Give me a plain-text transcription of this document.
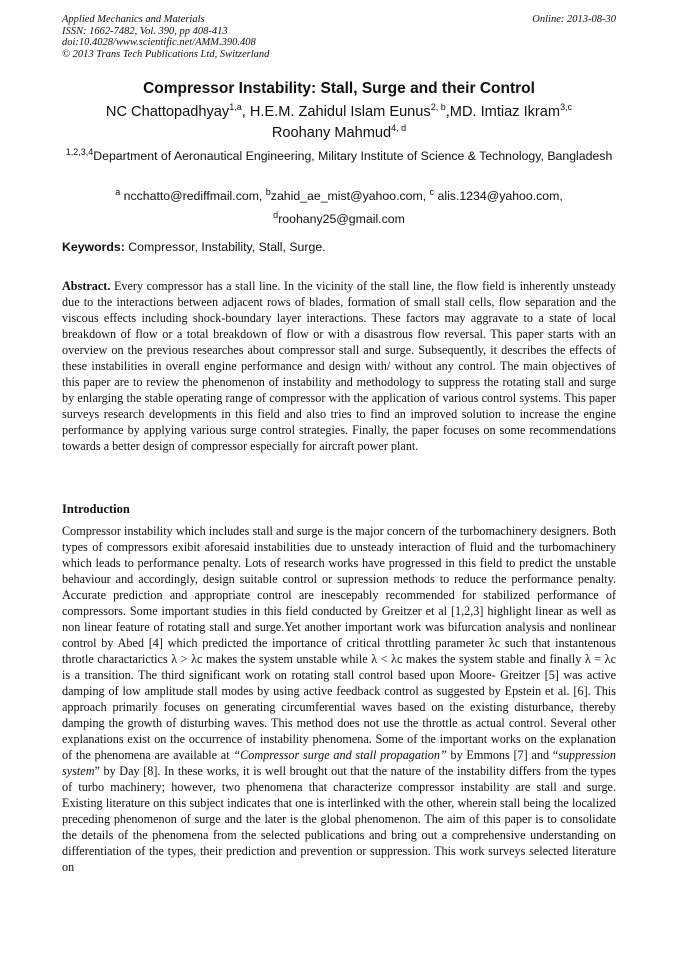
Applied Mechanics and Materials
ISSN: 1662-7482, Vol. 390, pp 408-413
doi:10.4028/www.scientific.net/AMM.390.408
© 2013 Trans Tech Publications Ltd, Switzerland
Online: 2013-08-30
Compressor Instability: Stall, Surge and their Control
NC Chattopadhyay$^{1,a}$, H.E.M. Zahidul Islam Eunus$^{2, b}$,MD. Imtiaz Ikram$^{3,c}$
Roohany Mahmud$^{4, d}$
$^{1,2,3,4}$Department of Aeronautical Engineering, Military Institute of Science & Technology, Bangladesh
$^a$ ncchatto@rediffmail.com, $^b$zahid_ae_mist@yahoo.com, $^c$ alis.1234@yahoo.com,
$^d$roohany25@gmail.com
Keywords: Compressor, Instability, Stall, Surge.
Abstract. Every compressor has a stall line. In the vicinity of the stall line, the flow field is inherently unsteady due to the interactions between adjacent rows of blades, formation of small stall cells, flow separation and the viscous effects including shock-boundary layer interactions. These factors may aggravate to a state of local breakdown of flow or a total breakdown of flow or with a disastrous flow reversal. This paper starts with an overview on the previous researches about compressor stall and surge. Subsequently, it describes the effects of these instabilities in overall engine performance and design with/ without any control. The main objectives of this paper are to review the phenomenon of instability and methodology to suppress the rotating stall and surge by enlarging the stable operating range of compressor with the application of various control systems. This paper surveys research developments in this field and also tries to find an improved solution to increase the engine performance by applying various surge control strategies. Finally, the paper focuses on some recommendations towards a better design of compressor especially for aircraft power plant.
Introduction
Compressor instability which includes stall and surge is the major concern of the turbomachinery designers. Both types of compressors exibit aforesaid instabilities due to unsteady interaction of fluid and the turbomachinery which leads to performance penalty. Lots of research works have progressed in this field to predict the unstable behaviour and accordingly, design suitable control or supression methods to reduce the performance penalty. Accurate prediction and appropriate control are inescepably recommended for stabilized performance of compressors. Some important studies in this field conducted by Greitzer et al [1,2,3] highlight linear as well as non linear feature of rotating stall and surge.Yet another important work was bifurcation analysis and nonlinear control by Abed [4] which predicted the importance of critical throttling parameter λc such that instantenous throtle charactarictics λ > λc makes the system unstable while λ < λc makes the system stable and finally λ = λc is a transition. The third significant work on rotating stall control based upon Moore- Greitzer [5] was active damping of low amplitude stall modes by using active feedback control as suggested by Epstein et al. [6]. This approach primarily focuses on generating circumferential waves based on the existing disturbance, thereby damping the growth of disturbing waves. This method does not use the throttle as actual control. Several other explanations exist on the occurrence of instability phenomena. Some of the important works on the explanation of the phenomena are available at “Compressor surge and stall propagation” by Emmons [7] and “suppression system” by Day [8]. In these works, it is well brought out that the nature of the instability differs from the types of turbo machinery; however, two phenomena that characterize compressor instability are stall and surge. Existing literature on this subject indicates that one is interlinked with the other, wherein stall being the localized preceding phenomenon of surge and the later is the global phenomenon. The aim of this paper is to consolidate the details of the phenomena from the selected publications and bring out a comprehensive understanding on differentiation of the types, their prediction and prevention or suppression. This work surveys selected literature on
